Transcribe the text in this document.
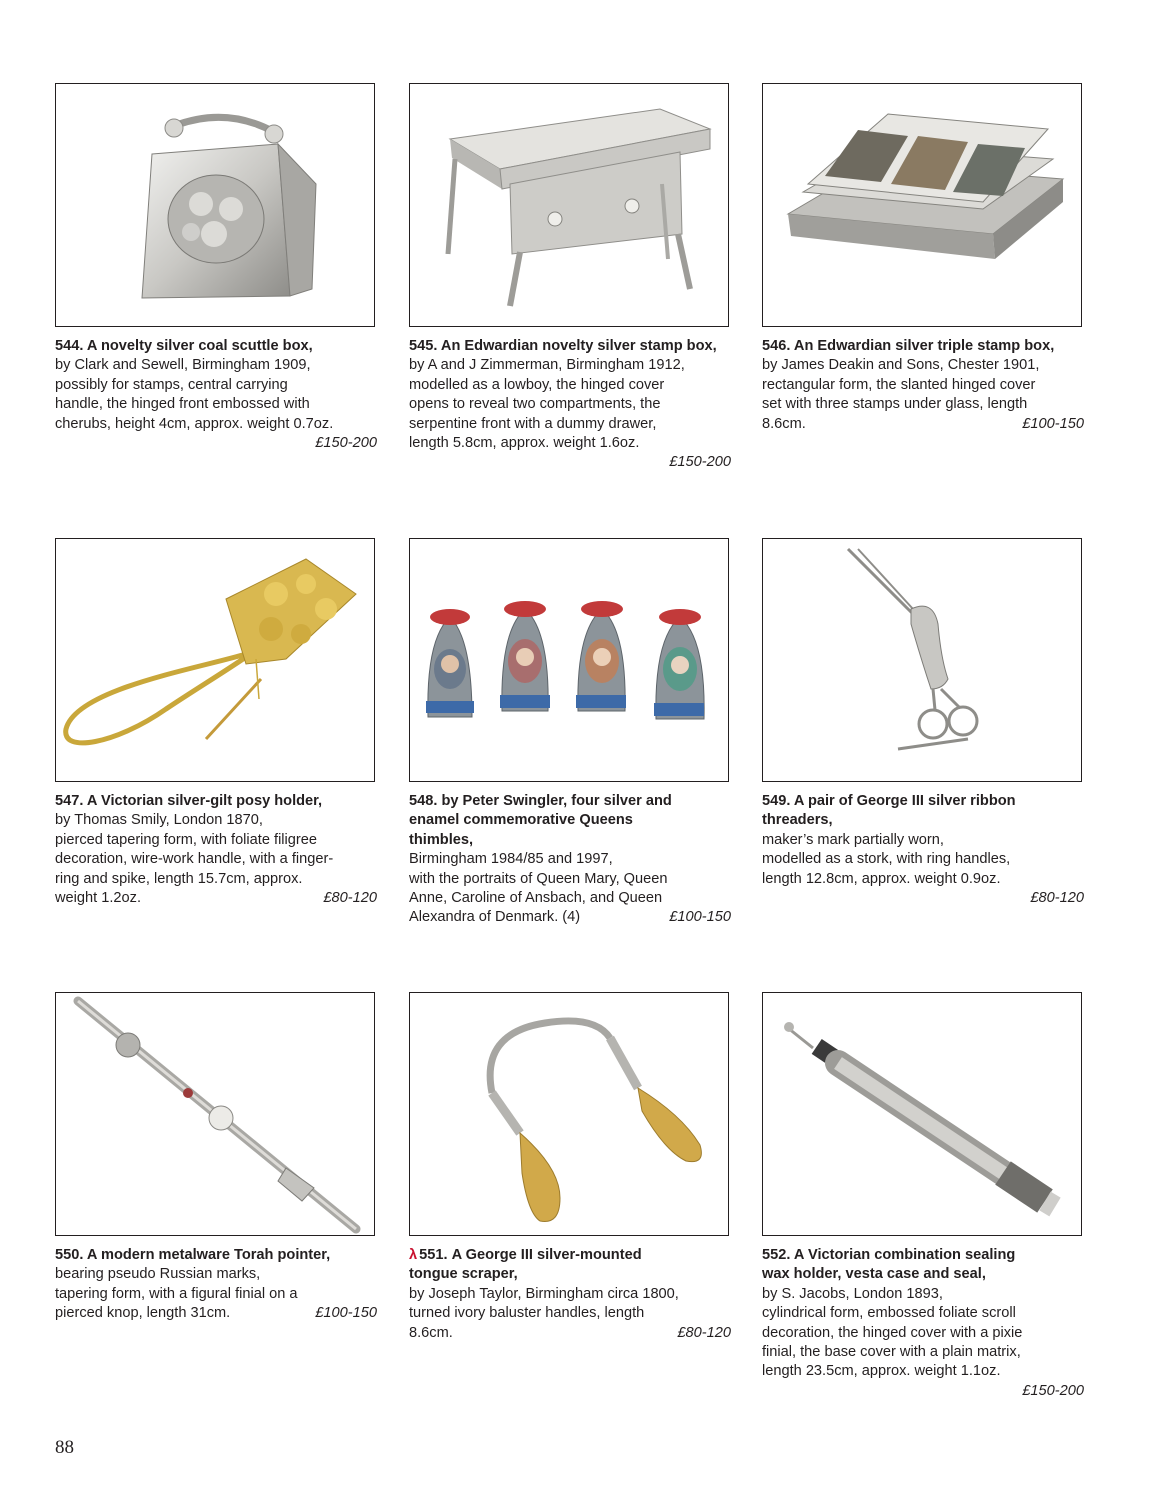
544. A novelty silver coal scuttle box,
by Clark and Sewell, Birmingham 1909,
possibly for stamps, central carrying
handle, the hinged front embossed with
cherubs, height 4cm, approx. weight 0.7oz.
£150-200
545. An Edwardian novelty silver stamp box,
by A and J Zimmerman, Birmingham 1912,
modelled as a lowboy, the hinged cover
opens to reveal two compartments, the
serpentine front with a dummy drawer,
length 5.8cm, approx. weight 1.6oz.
£150-200
546. An Edwardian silver triple stamp box,
by James Deakin and Sons, Chester 1901,
rectangular form, the slanted hinged cover
set with three stamps under glass, length
8.6cm.	£100-150
547. A Victorian silver-gilt posy holder,
by Thomas Smily, London 1870,
pierced tapering form, with foliate filigree
decoration, wire-work handle, with a finger-
ring and spike, length 15.7cm, approx.
weight 1.2oz.	£80-120
548. by Peter Swingler, four silver and
enamel commemorative Queens
thimbles,
Birmingham 1984/85 and 1997,
with the portraits of Queen Mary, Queen
Anne, Caroline of Ansbach, and Queen
Alexandra of Denmark. (4)	£100-150
549. A pair of George III silver ribbon
threaders,
maker’s mark partially worn,
modelled as a stork, with ring handles,
length 12.8cm, approx. weight 0.9oz.
£80-120
550. A modern metalware Torah pointer,
bearing pseudo Russian marks,
tapering form, with a figural finial on a
pierced knop, length 31cm.	£100-150
λ 551. A George III silver-mounted
tongue scraper,
by Joseph Taylor, Birmingham circa 1800,
turned ivory baluster handles, length
8.6cm.	£80-120
552. A Victorian combination sealing
wax holder, vesta case and seal,
by S. Jacobs, London 1893,
cylindrical form, embossed foliate scroll
decoration, the hinged cover with a pixie
finial, the base cover with a plain matrix,
length 23.5cm, approx. weight 1.1oz.
£150-200
88
